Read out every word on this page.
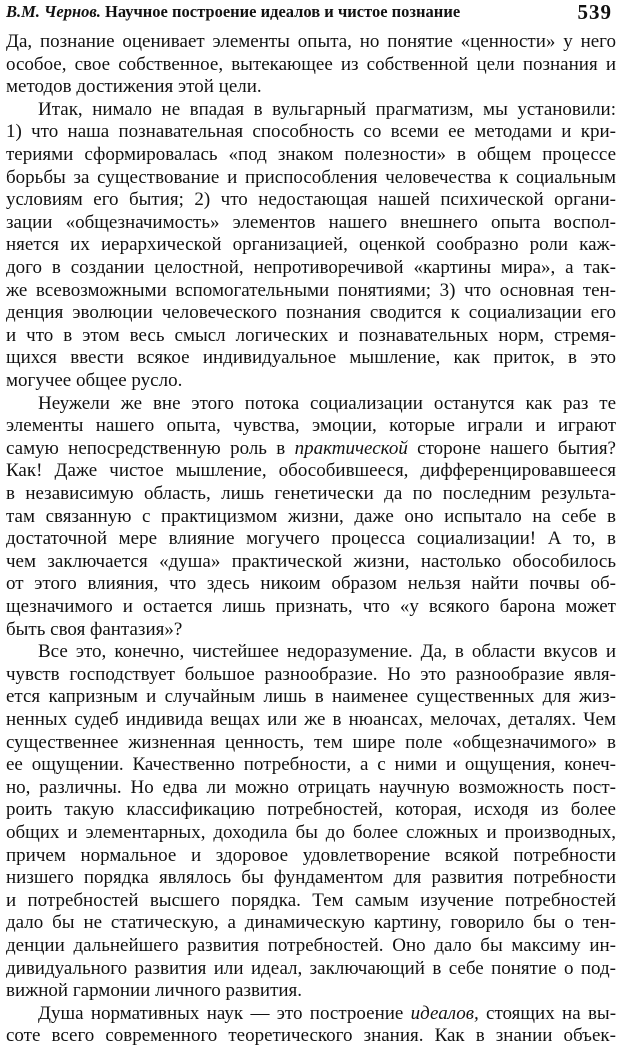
В.М. Чернов. Научное построение идеалов и чистое познание	539
Да, познание оценивает элементы опыта, но понятие «ценности» у него
особое, свое собственное, вытекающее из собственной цели познания и
методов достижения этой цели.
Итак, нимало не впадая в вульгарный прагматизм, мы установили:
1) что наша познавательная способность со всеми ее методами и кри-
териями сформировалась «под знаком полезности» в общем процессе
борьбы за существование и приспособления человечества к социальным
условиям его бытия; 2) что недостающая нашей психической органи-
зации «общезначимость» элементов нашего внешнего опыта воспол-
няется их иерархической организацией, оценкой сообразно роли каж-
дого в создании целостной, непротиворечивой «картины мира», а так-
же всевозможными вспомогательными понятиями; 3) что основная тен-
денция эволюции человеческого познания сводится к социализации его
и что в этом весь смысл логических и познавательных норм, стремя-
щихся ввести всякое индивидуальное мышление, как приток, в это
могучее общее русло.
Неужели же вне этого потока социализации останутся как раз те
элементы нашего опыта, чувства, эмоции, которые играли и играют
самую непосредственную роль в практической стороне нашего бытия?
Как! Даже чистое мышление, обособившееся, дифференцировавшееся
в независимую область, лишь генетически да по последним результа-
там связанную с практицизмом жизни, даже оно испытало на себе в
достаточной мере влияние могучего процесса социализации! А то, в
чем заключается «душа» практической жизни, настолько обособилось
от этого влияния, что здесь никоим образом нельзя найти почвы об-
щезначимого и остается лишь признать, что «у всякого барона может
быть своя фантазия»?
Все это, конечно, чистейшее недоразумение. Да, в области вкусов и
чувств господствует большое разнообразие. Но это разнообразие явля-
ется капризным и случайным лишь в наименее существенных для жиз-
ненных судеб индивида вещах или же в нюансах, мелочах, деталях. Чем
существеннее жизненная ценность, тем шире поле «общезначимого» в
ее ощущении. Качественно потребности, а с ними и ощущения, конеч-
но, различны. Но едва ли можно отрицать научную возможность пост-
роить такую классификацию потребностей, которая, исходя из более
общих и элементарных, доходила бы до более сложных и производных,
причем нормальное и здоровое удовлетворение всякой потребности
низшего порядка являлось бы фундаментом для развития потребности
и потребностей высшего порядка. Тем самым изучение потребностей
дало бы не статическую, а динамическую картину, говорило бы о тен-
денции дальнейшего развития потребностей. Оно дало бы максиму ин-
дивидуального развития или идеал, заключающий в себе понятие о под-
вижной гармонии личного развития.
Душа нормативных наук — это построение идеалов, стоящих на вы-
соте всего современного теоретического знания. Как в знании объек-
